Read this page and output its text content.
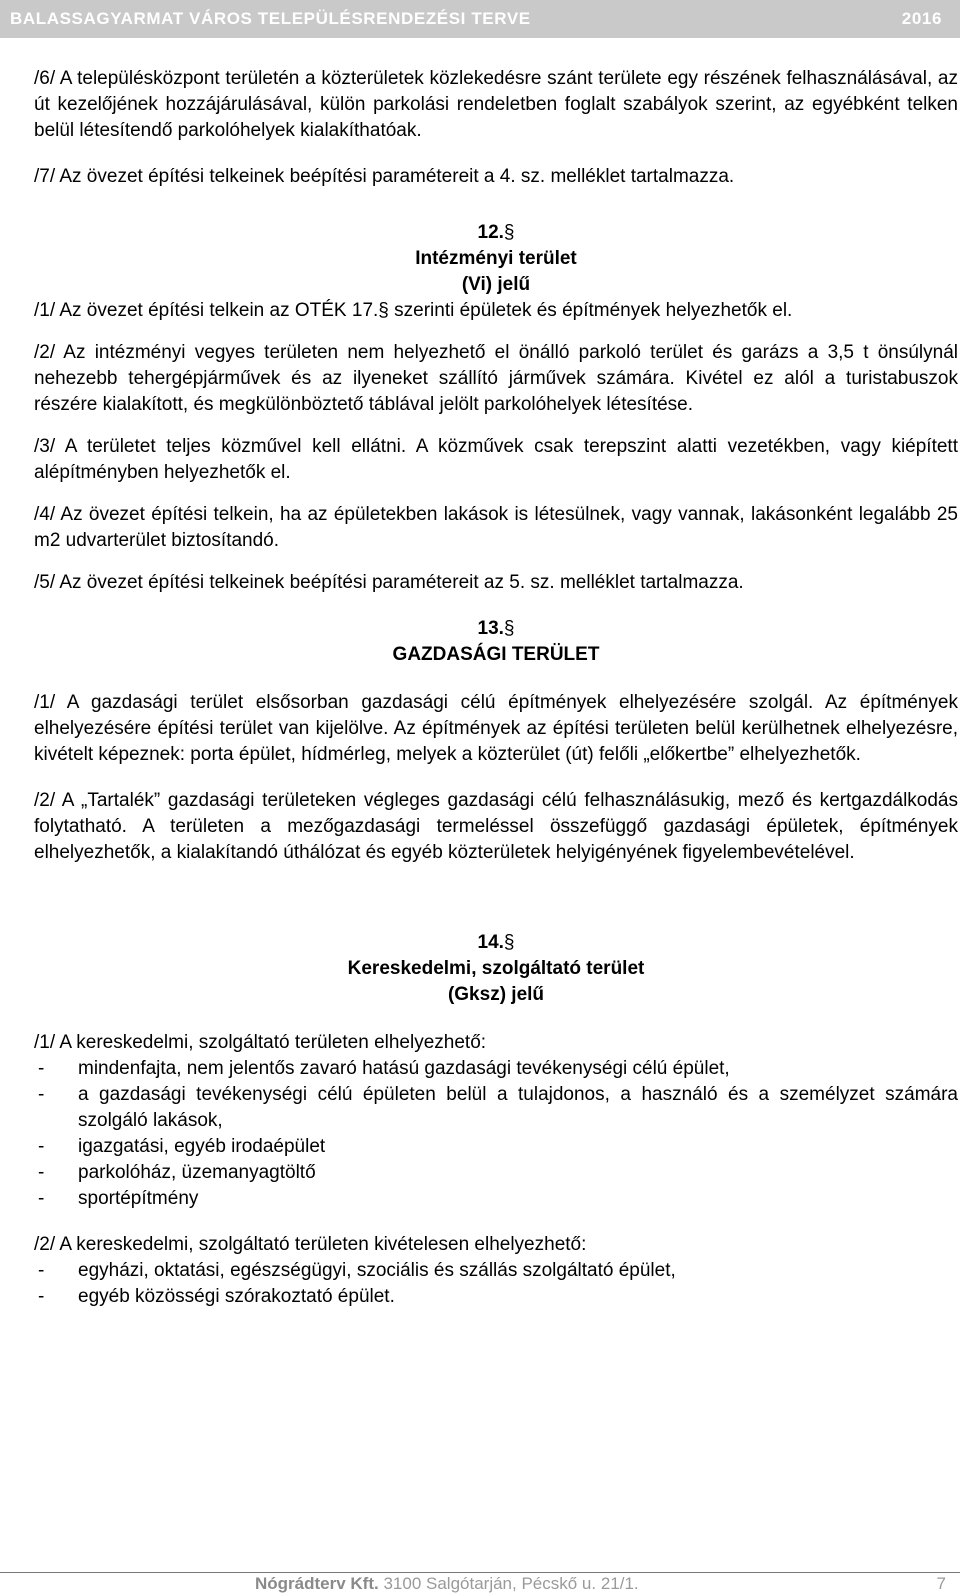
BALASSAGYARMAT VÁROS TELEPÜLÉSRENDEZÉSI TERVE	2016

/6/ A településközpont területén a közterületek közlekedésre szánt területe egy részének felhasználásával, az út kezelőjének hozzájárulásával, külön parkolási rendeletben foglalt szabályok szerint, az egyébként telken belül létesítendő parkolóhelyek kialakíthatóak.

/7/ Az övezet építési telkeinek beépítési paramétereit a 4. sz. melléklet tartalmazza.

12.§

Intézményi terület

(Vi) jelű

/1/ Az övezet építési telkein az OTÉK 17.§ szerinti épületek és építmények helyezhetők el.

/2/ Az intézményi vegyes területen nem helyezhető el önálló parkoló terület és garázs a 3,5 t önsúlynál nehezebb tehergépjárművek és az ilyeneket szállító járművek számára. Kivétel ez alól a turistabuszok részére kialakított, és megkülönböztető táblával jelölt parkolóhelyek létesítése.

/3/ A területet teljes közművel kell ellátni. A közművek csak terepszint alatti vezetékben, vagy kiépített alépítményben helyezhetők el.

/4/ Az övezet építési telkein, ha az épületekben lakások is létesülnek, vagy vannak, lakásonként legalább 25 m2 udvarterület biztosítandó.

/5/ Az övezet építési telkeinek beépítési paramétereit az 5. sz. melléklet tartalmazza.

13.§

GAZDASÁGI TERÜLET

/1/ A gazdasági terület elsősorban gazdasági célú építmények elhelyezésére szolgál. Az építmények elhelyezésére építési terület van kijelölve. Az építmények az építési területen belül kerülhetnek elhelyezésre, kivételt képeznek: porta épület, hídmérleg, melyek a közterület (út) felőli „előkertbe” elhelyezhetők.

/2/ A „Tartalék” gazdasági területeken végleges gazdasági célú felhasználásukig, mező és kertgazdálkodás folytatható. A területen a mezőgazdasági termeléssel összefüggő gazdasági épületek, építmények elhelyezhetők, a kialakítandó úthálózat és egyéb közterületek helyigényének figyelembevételével.

14.§

Kereskedelmi, szolgáltató terület

(Gksz) jelű

/1/ A kereskedelmi, szolgáltató területen elhelyezhető:

- mindenfajta, nem jelentős zavaró hatású gazdasági tevékenységi célú épület,
- a gazdasági tevékenységi célú épületen belül a tulajdonos, a használó és a személyzet számára szolgáló lakások,
- igazgatási, egyéb irodaépület
- parkolóház, üzemanyagtöltő
- sportépítmény

/2/ A kereskedelmi, szolgáltató területen kivételesen elhelyezhető:

- egyházi, oktatási, egészségügyi, szociális és szállás szolgáltató épület,
- egyéb közösségi szórakoztató épület.
Nógrádterv Kft. 3100 Salgótarján, Pécskő u. 21/1.	7
